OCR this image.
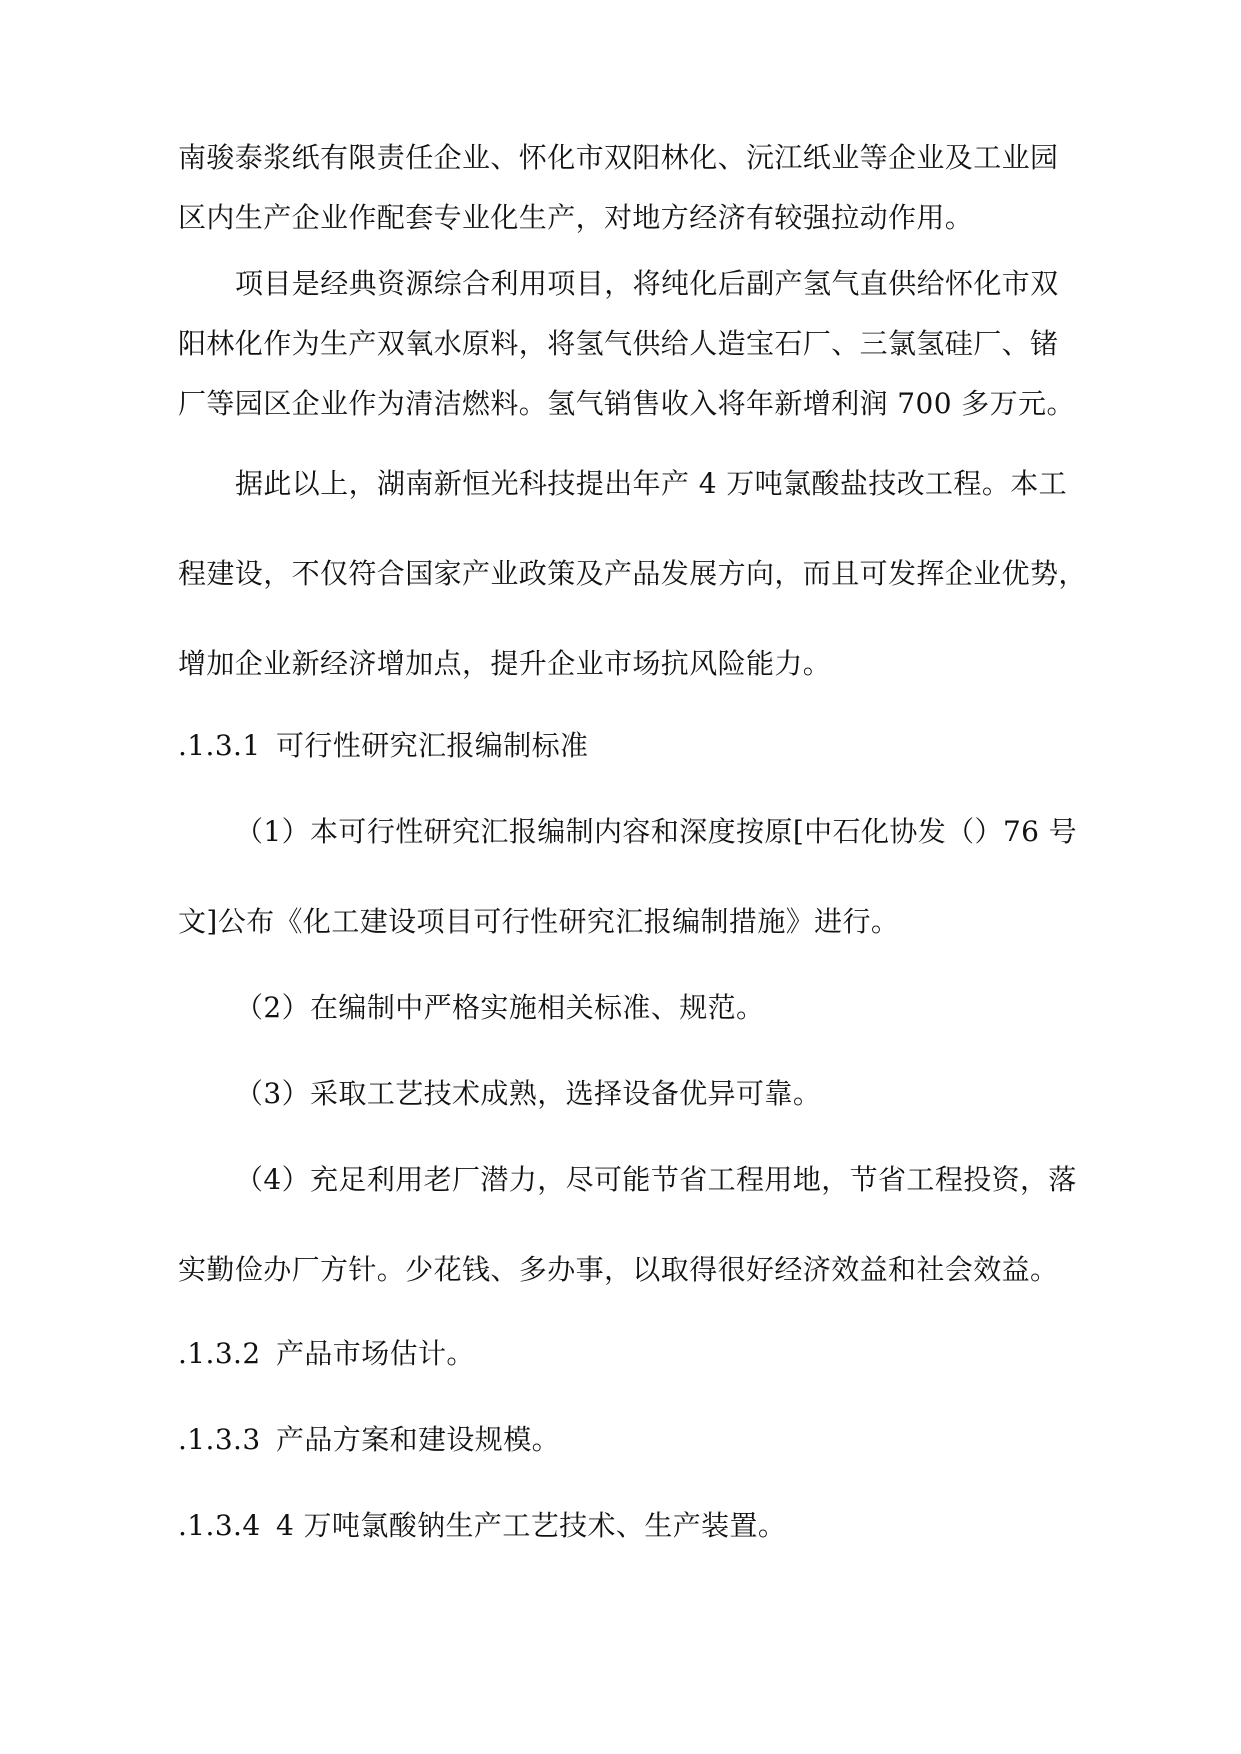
南骏泰浆纸有限责任企业、怀化市双阳林化、沅江纸业等企业及工业园
区内生产企业作配套专业化生产，对地方经济有较强拉动作用。
项目是经典资源综合利用项目，将纯化后副产氢气直供给怀化市双
阳林化作为生产双氧水原料，将氢气供给人造宝石厂、三氯氢硅厂、锗
厂等园区企业作为清洁燃料。氢气销售收入将年新增利润 700 多万元。
据此以上，湖南新恒光科技提出年产 4 万吨氯酸盐技改工程。本工
程建设，不仅符合国家产业政策及产品发展方向，而且可发挥企业优势，
增加企业新经济增加点，提升企业市场抗风险能力。
.1.3.1 可行性研究汇报编制标准
（1）本可行性研究汇报编制内容和深度按原[中石化协发（）76 号
文]公布《化工建设项目可行性研究汇报编制措施》进行。
（2）在编制中严格实施相关标准、规范。
（3）采取工艺技术成熟，选择设备优异可靠。
（4）充足利用老厂潜力，尽可能节省工程用地，节省工程投资，落
实勤俭办厂方针。少花钱、多办事，以取得很好经济效益和社会效益。
.1.3.2 产品市场估计。
.1.3.3 产品方案和建设规模。
.1.3.4 4 万吨氯酸钠生产工艺技术、生产装置。
